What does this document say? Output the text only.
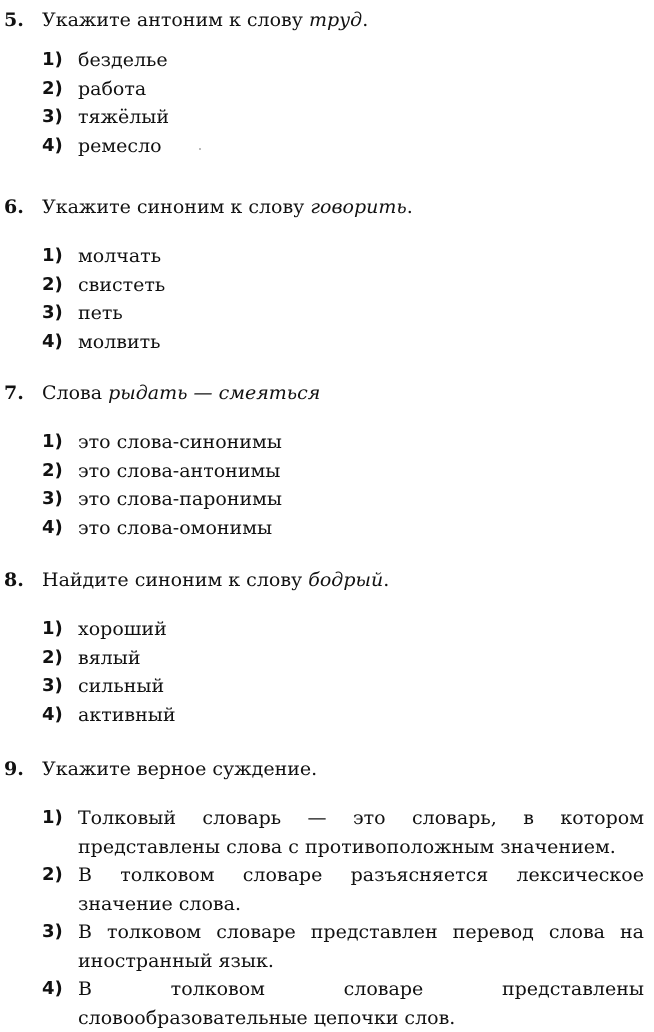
5. Укажите антоним к слову труд.
1) безделье
2) работа
3) тяжёлый
4) ремесло
6. Укажите синоним к слову говорить.
1) молчать
2) свистеть
3) петь
4) молвить
7. Слова рыдать — смеяться
1) это слова-синонимы
2) это слова-антонимы
3) это слова-паронимы
4) это слова-омонимы
8. Найдите синоним к слову бодрый.
1) хороший
2) вялый
3) сильный
4) активный
9. Укажите верное суждение.
1) Толковый словарь — это словарь, в котором представлены слова с противоположным значением.
2) В толковом словаре разъясняется лексическое значение слова.
3) В толковом словаре представлен перевод слова на иностранный язык.
4) В толковом словаре представлены словообразовательные цепочки слов.
